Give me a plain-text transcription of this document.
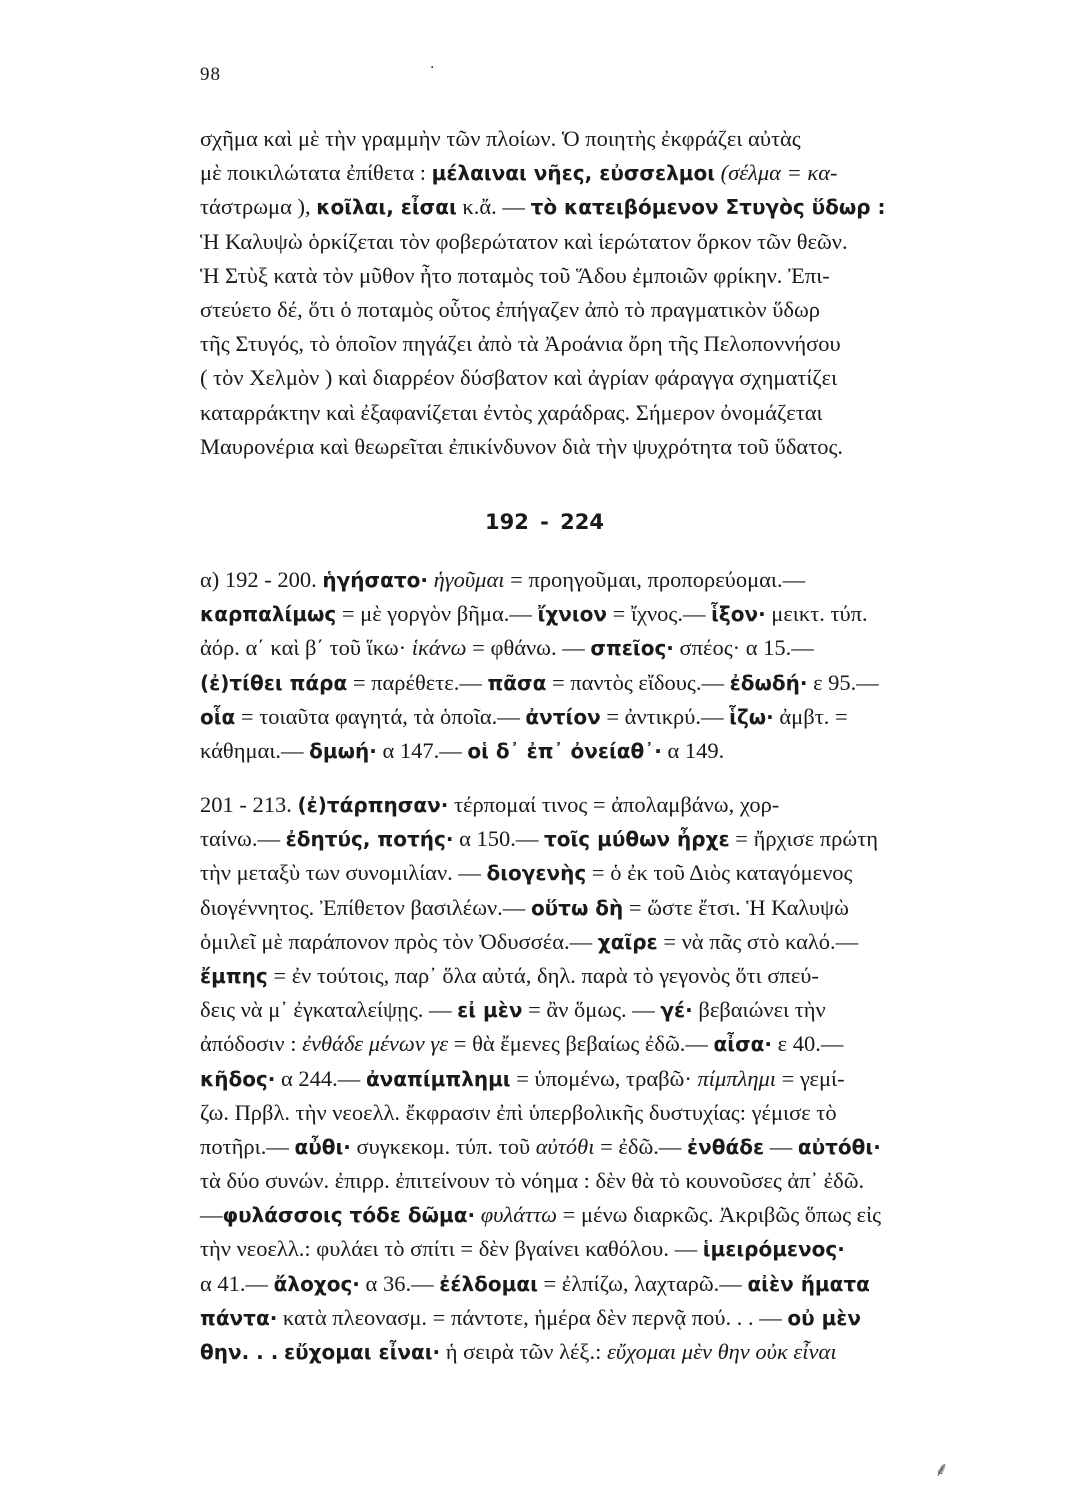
98	·
σχῆμα καὶ μὲ τὴν γραμμὴν τῶν πλοίων. Ὁ ποιητὴς ἐκφράζει αὐτὰς
μὲ ποικιλώτατα ἐπίθετα : μέλαιναι νῆες, εὐσσελμοι (σέλμα = κα-
τάστρωμα ), κοῖλαι, εἶσαι κ.ἄ. — τὸ κατειβόμενον Στυγὸς ὕδωρ :
Ἡ Καλυψὼ ὁρκίζεται τὸν φοβερώτατον καὶ ἱερώτατον ὅρκον τῶν θεῶν.
Ἡ Στὺξ κατὰ τὸν μῦθον ἦτο ποταμὸς τοῦ Ἅδου ἐμποιῶν φρίκην. Ἐπι-
στεύετο δέ, ὅτι ὁ ποταμὸς οὗτος ἐπήγαζεν ἀπὸ τὸ πραγματικὸν ὕδωρ
τῆς Στυγός, τὸ ὁποῖον πηγάζει ἀπὸ τὰ Ἀροάνια ὄρη τῆς Πελοποννήσου
( τὸν Χελμὸν ) καὶ διαρρέον δύσβατον καὶ ἀγρίαν φάραγγα σχηματίζει
καταρράκτην καὶ ἐξαφανίζεται ἐντὸς χαράδρας. Σήμερον ὀνομάζεται
Μαυρονέρια καὶ θεωρεῖται ἐπικίνδυνον διὰ τὴν ψυχρότητα τοῦ ὕδατος.
192 - 224
α) 192 - 200. ἡγήσατο· ἡγοῦμαι = προηγοῦμαι, προπορεύομαι.—
καρπαλίμως = μὲ γοργὸν βῆμα.— ἴχνιον = ἴχνος.— ἷξον· μεικτ. τύπ.
ἀόρ. α΄ καὶ β΄ τοῦ ἵκω· ἱκάνω = φθάνω. — σπεῖος· σπέος· α 15.—
(ἐ)τίθει πάρα = παρέθετε.— πᾶσα = παντὸς εἴδους.— ἐδωδή· ε 95.—
οἷα = τοιαῦτα φαγητά, τὰ ὁποῖα.— ἀντίον = ἀντικρύ.— ἷζω· ἀμβτ. =
κάθημαι.— δμωή· α 147.— οἱ δ᾽ ἐπ᾽ ὀνείαθ᾽· α 149.
201 - 213. (ἐ)τάρπησαν· τέρπομαί τινος = ἀπολαμβάνω, χορ-
ταίνω.— ἐδητύς, ποτής· α 150.— τοῖς μύθων ἦρχε = ἤρχισε πρώτη
τὴν μεταξὺ των συνομιλίαν. — διογενὴς = ὁ ἐκ τοῦ Διὸς καταγόμενος
διογέννητος. Ἐπίθετον βασιλέων.— οὕτω δὴ = ὥστε ἔτσι. Ἡ Καλυψὼ
ὁμιλεῖ μὲ παράπονον πρὸς τὸν Ὀδυσσέα.— χαῖρε = νὰ πᾶς στὸ καλό.—
ἔμπης = ἐν τούτοις, παρ᾽ ὅλα αὐτά, δηλ. παρὰ τὸ γεγονὸς ὅτι σπεύ-
δεις νὰ μ᾽ ἐγκαταλείψῃς. — εἰ μὲν = ἂν ὅμως. — γέ· βεβαιώνει τὴν
ἀπόδοσιν : ἐνθάδε μένων γε = θὰ ἔμενες βεβαίως ἐδῶ.— αἶσα· ε 40.—
κῆδος· α 244.— ἀναπίμπλημι = ὑπομένω, τραβῶ· πίμπλημι = γεμί-
ζω. Πρβλ. τὴν νεοελλ. ἔκφρασιν ἐπὶ ὑπερβολικῆς δυστυχίας: γέμισε τὸ
ποτῆρι.— αὖθι· συγκεκομ. τύπ. τοῦ αὐτόθι = ἐδῶ.— ἐνθάδε — αὐτόθι·
τὰ δύο συνών. ἐπιρρ. ἐπιτείνουν τὸ νόημα : δὲν θὰ τὸ κουνοῦσες ἀπ᾽ ἐδῶ.
—φυλάσσοις τόδε δῶμα· φυλάττω = μένω διαρκῶς. Ἀκριβῶς ὅπως εἰς
τὴν νεοελλ.: φυλάει τὸ σπίτι = δὲν βγαίνει καθόλου. — ἱμειρόμενος·
α 41.— ἄλοχος· α 36.— ἐέλδομαι = ἐλπίζω, λαχταρῶ.— αἰὲν ἤματα
πάντα· κατὰ πλεονασμ. = πάντοτε, ἡμέρα δὲν περνᾷ πού. . . — οὐ μὲν
θην. . . εὔχομαι εἶναι· ἡ σειρὰ τῶν λέξ.: εὔχομαι μὲν θην οὐκ εἶναι
⸙
